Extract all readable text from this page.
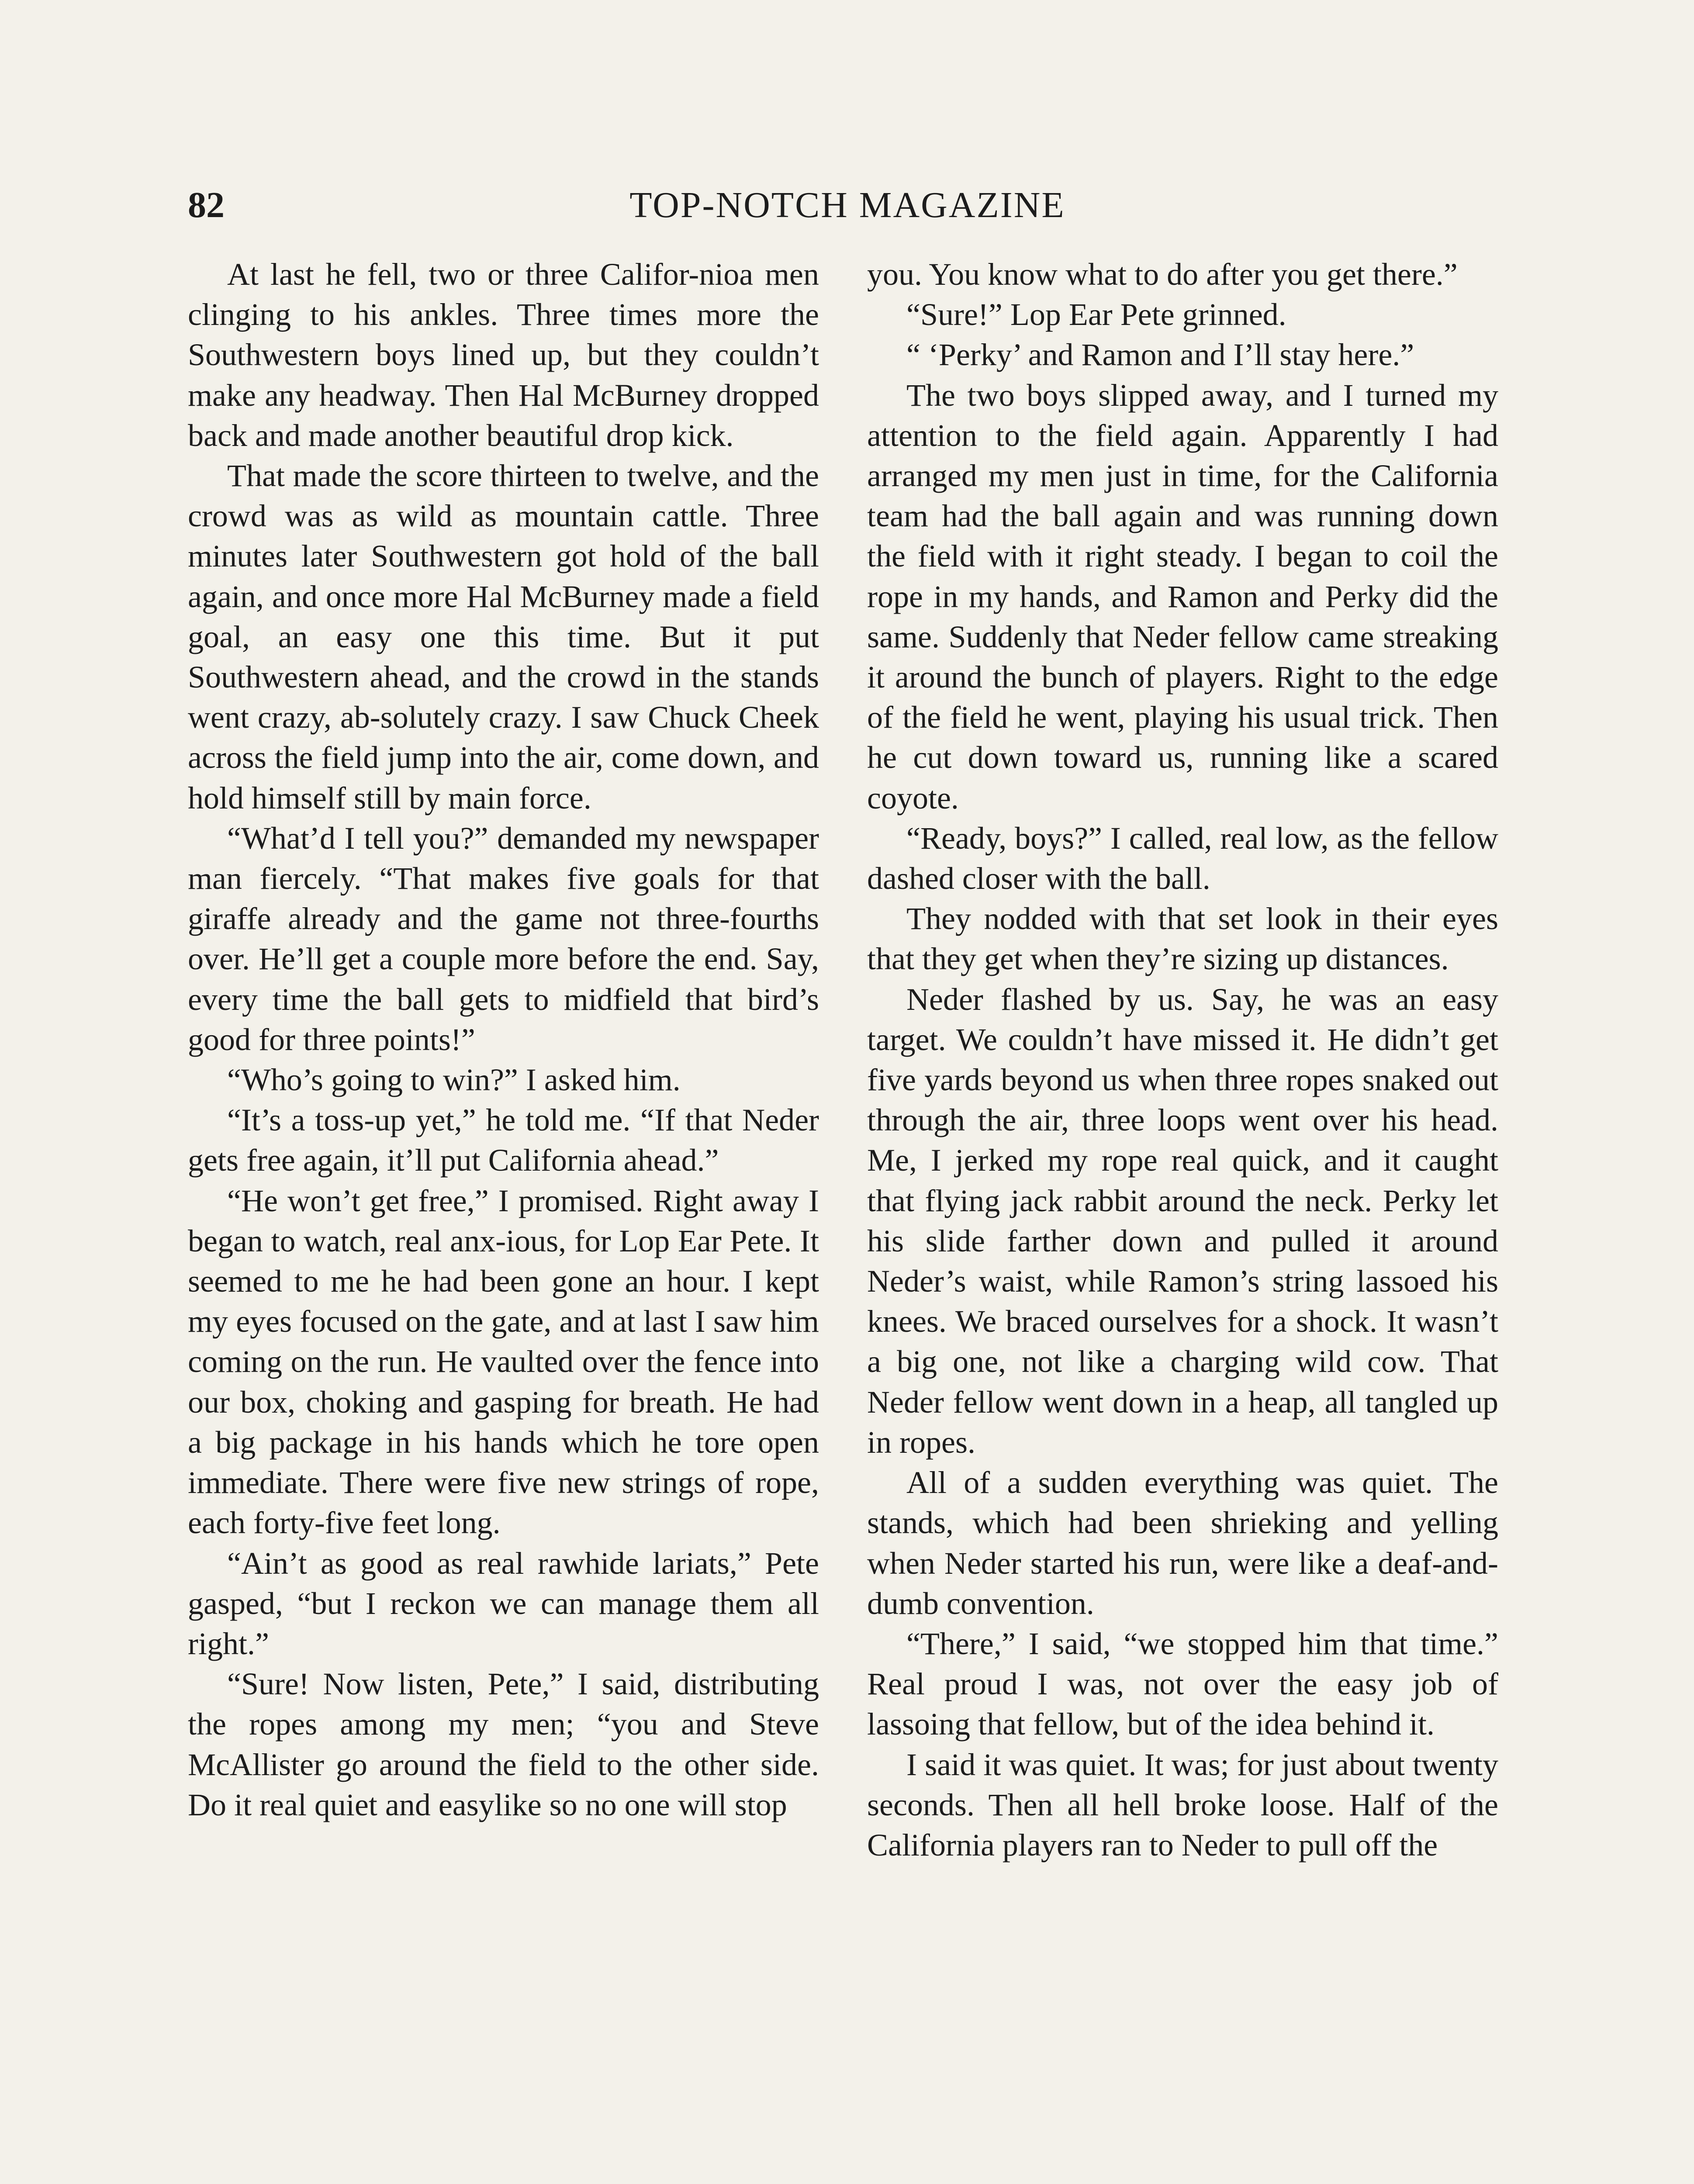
TOP-NOTCH MAGAZINE
82

At last he fell, two or three Califor-nioa men clinging to his ankles. Three times more the Southwestern boys lined up, but they couldn’t make any headway. Then Hal McBurney dropped back and made another beautiful drop kick.

That made the score thirteen to twelve, and the crowd was as wild as mountain cattle. Three minutes later Southwestern got hold of the ball again, and once more Hal McBurney made a field goal, an easy one this time. But it put Southwestern ahead, and the crowd in the stands went crazy, ab-solutely crazy. I saw Chuck Cheek across the field jump into the air, come down, and hold himself still by main force.

“What’d I tell you?” demanded my newspaper man fiercely. “That makes five goals for that giraffe already and the game not three-fourths over. He’ll get a couple more before the end. Say, every time the ball gets to midfield that bird’s good for three points!”

“Who’s going to win?” I asked him.

“It’s a toss-up yet,” he told me. “If that Neder gets free again, it’ll put California ahead.”

“He won’t get free,” I promised. Right away I began to watch, real anx-ious, for Lop Ear Pete. It seemed to me he had been gone an hour. I kept my eyes focused on the gate, and at last I saw him coming on the run. He vaulted over the fence into our box, choking and gasping for breath. He had a big package in his hands which he tore open immediate. There were five new strings of rope, each forty-five feet long.

“Ain’t as good as real rawhide lariats,” Pete gasped, “but I reckon we can manage them all right.”

“Sure! Now listen, Pete,” I said, distributing the ropes among my men; “you and Steve McAllister go around the field to the other side. Do it real quiet and easylike so no one will stop

you. You know what to do after you get there.”

“Sure!” Lop Ear Pete grinned.

“ ‘Perky’ and Ramon and I’ll stay here.”

The two boys slipped away, and I turned my attention to the field again. Apparently I had arranged my men just in time, for the California team had the ball again and was running down the field with it right steady. I began to coil the rope in my hands, and Ramon and Perky did the same. Suddenly that Neder fellow came streaking it around the bunch of players. Right to the edge of the field he went, playing his usual trick. Then he cut down toward us, running like a scared coyote.

“Ready, boys?” I called, real low, as the fellow dashed closer with the ball.

They nodded with that set look in their eyes that they get when they’re sizing up distances.

Neder flashed by us. Say, he was an easy target. We couldn’t have missed it. He didn’t get five yards beyond us when three ropes snaked out through the air, three loops went over his head. Me, I jerked my rope real quick, and it caught that flying jack rabbit around the neck. Perky let his slide farther down and pulled it around Neder’s waist, while Ramon’s string lassoed his knees. We braced ourselves for a shock. It wasn’t a big one, not like a charging wild cow. That Neder fellow went down in a heap, all tangled up in ropes.

All of a sudden everything was quiet. The stands, which had been shrieking and yelling when Neder started his run, were like a deaf-and-dumb convention.

“There,” I said, “we stopped him that time.” Real proud I was, not over the easy job of lassoing that fellow, but of the idea behind it.

I said it was quiet. It was; for just about twenty seconds. Then all hell broke loose. Half of the California players ran to Neder to pull off the
